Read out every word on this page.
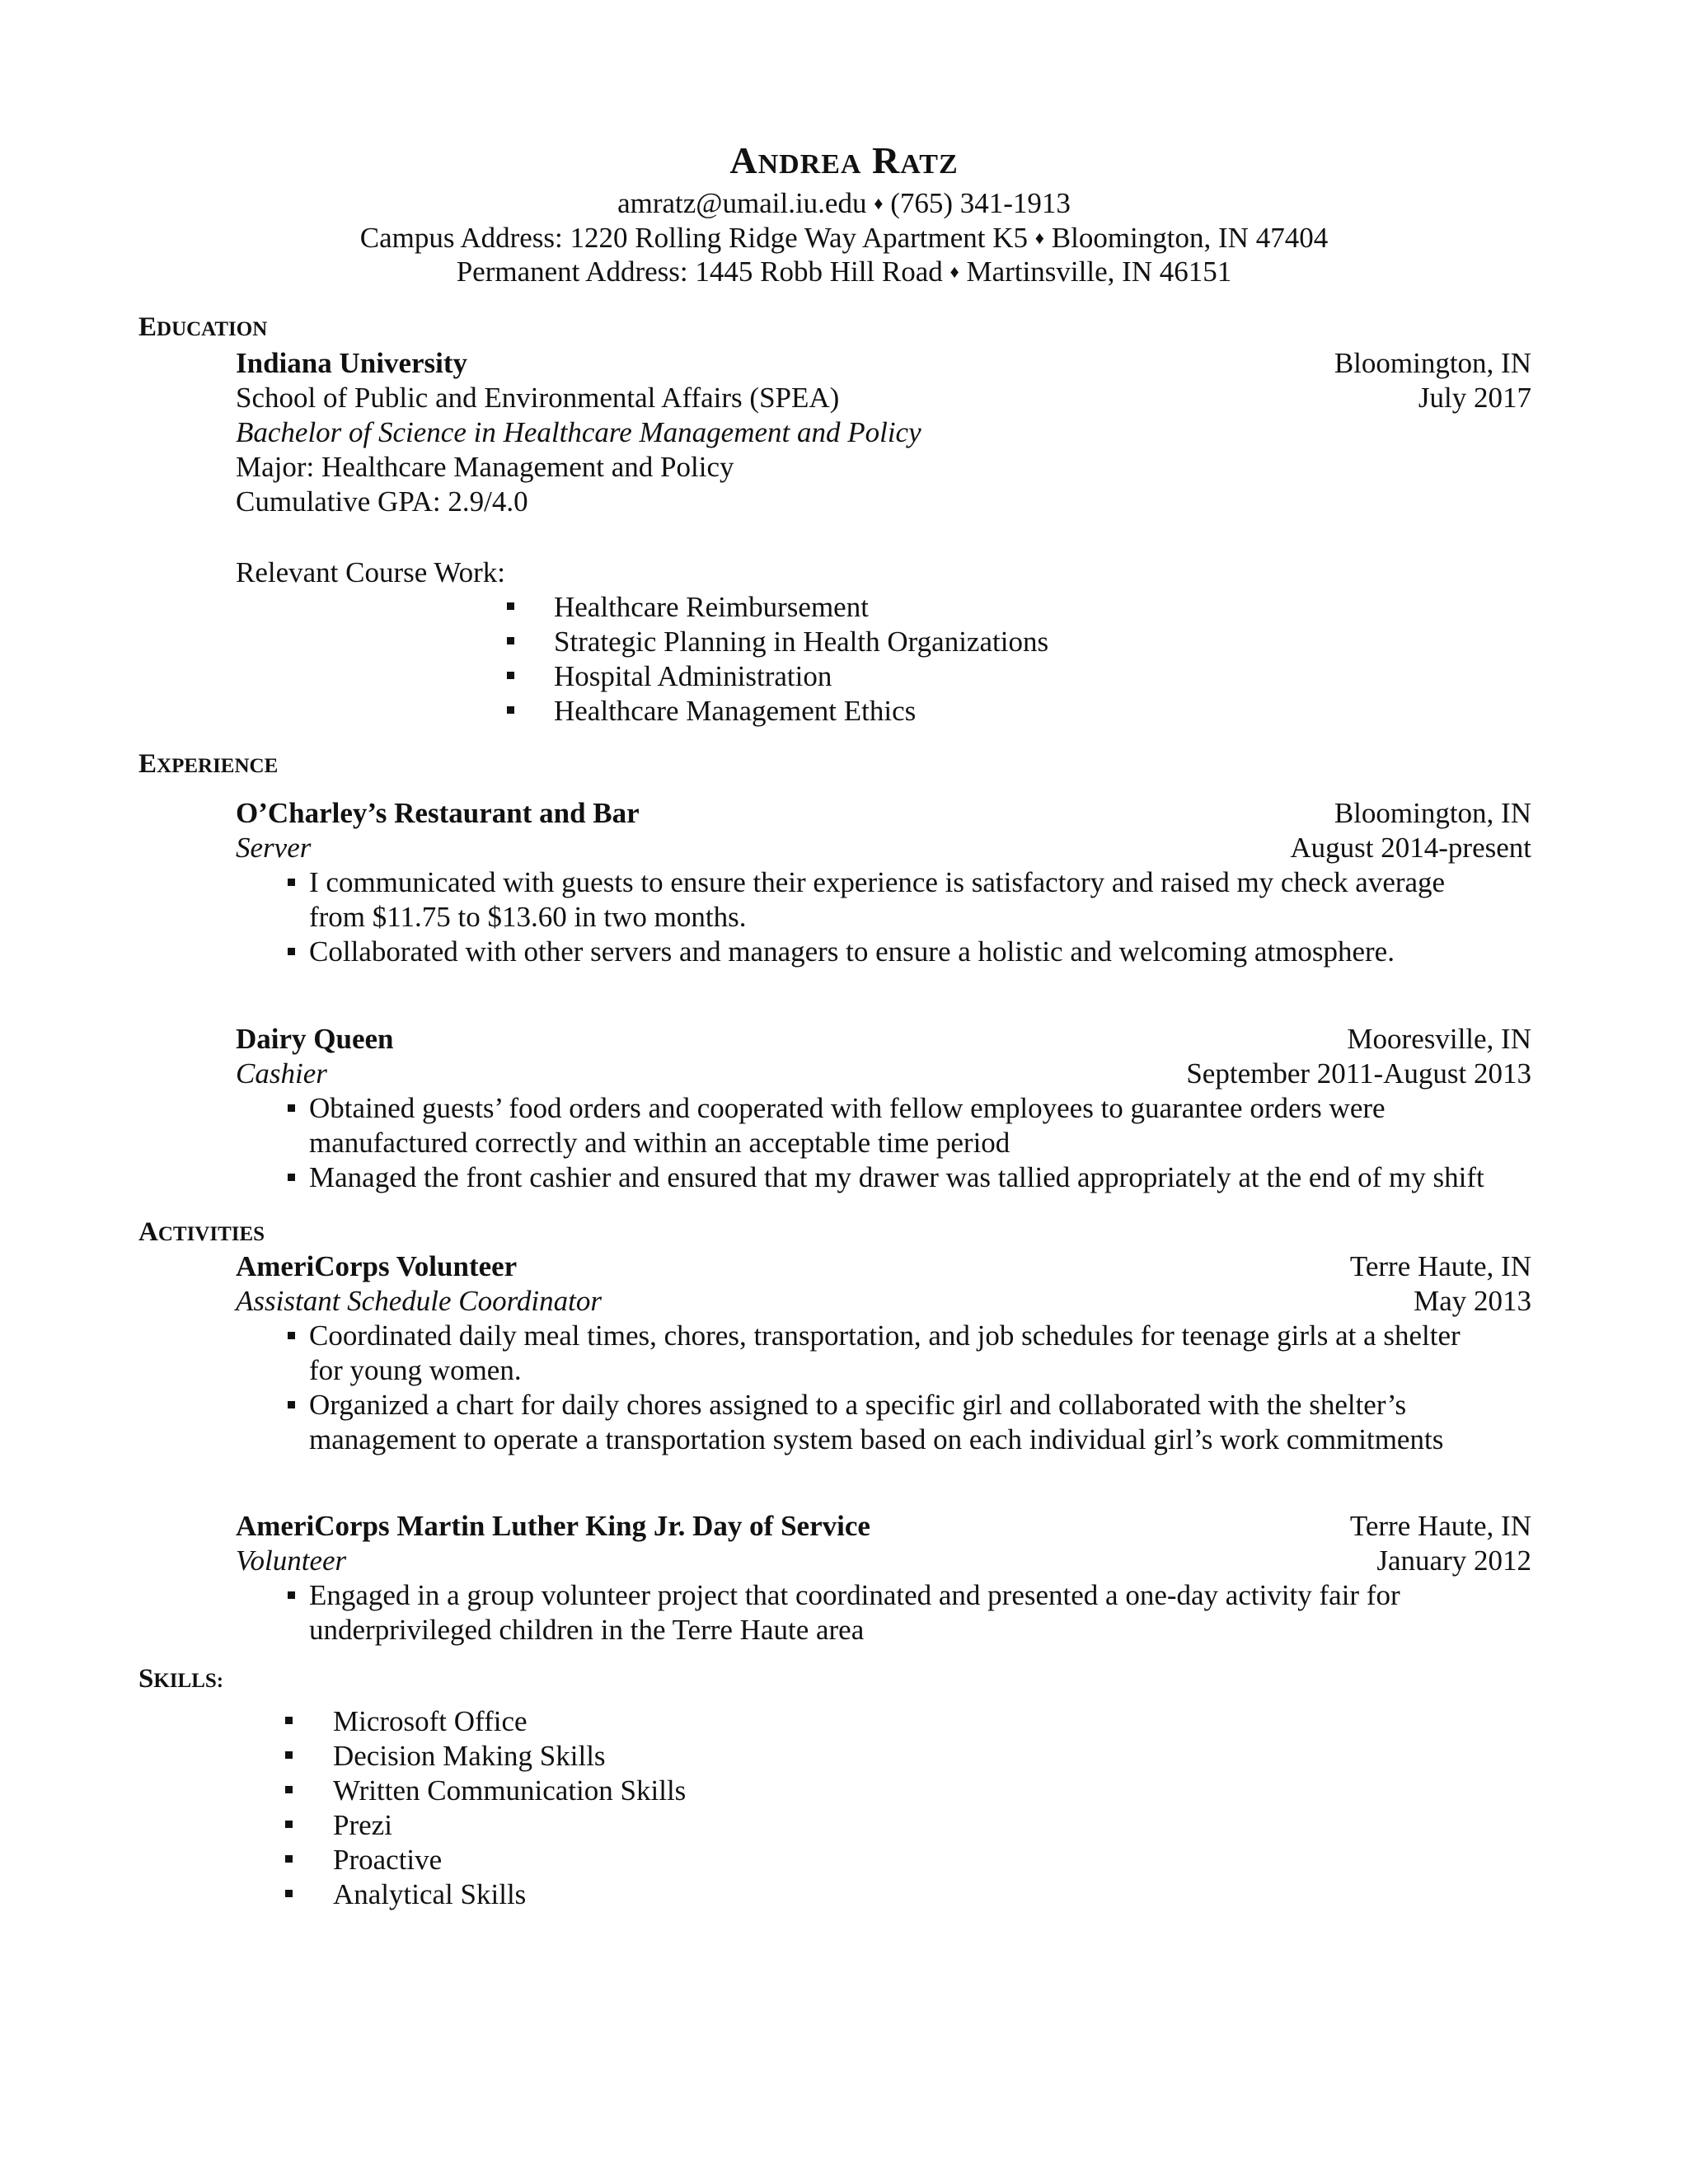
ANDREA RATZ
amratz@umail.iu.edu ♦ (765) 341-1913
Campus Address: 1220 Rolling Ridge Way Apartment K5 ♦ Bloomington, IN 47404
Permanent Address: 1445 Robb Hill Road ♦ Martinsville, IN 46151
EDUCATION
Indiana University	Bloomington, IN
School of Public and Environmental Affairs (SPEA)	July 2017
Bachelor of Science in Healthcare Management and Policy
Major: Healthcare Management and Policy
Cumulative GPA: 2.9/4.0
Relevant Course Work:
Healthcare Reimbursement
Strategic Planning in Health Organizations
Hospital Administration
Healthcare Management Ethics
EXPERIENCE
O’Charley’s Restaurant and Bar	Bloomington, IN
Server	August 2014-present
I communicated with guests to ensure their experience is satisfactory and raised my check average
from $11.75 to $13.60 in two months.
Collaborated with other servers and managers to ensure a holistic and welcoming atmosphere.
Dairy Queen	Mooresville, IN
Cashier	September 2011-August 2013
Obtained guests’ food orders and cooperated with fellow employees to guarantee orders were
manufactured correctly and within an acceptable time period
Managed the front cashier and ensured that my drawer was tallied appropriately at the end of my shift
ACTIVITIES
AmeriCorps Volunteer	Terre Haute, IN
Assistant Schedule Coordinator	May 2013
Coordinated daily meal times, chores, transportation, and job schedules for teenage girls at a shelter
for young women.
Organized a chart for daily chores assigned to a specific girl and collaborated with the shelter’s
management to operate a transportation system based on each individual girl’s work commitments
AmeriCorps Martin Luther King Jr. Day of Service	Terre Haute, IN
Volunteer	January 2012
Engaged in a group volunteer project that coordinated and presented a one-day activity fair for
underprivileged children in the Terre Haute area
SKILLS:
Microsoft Office
Decision Making Skills
Written Communication Skills
Prezi
Proactive
Analytical Skills
